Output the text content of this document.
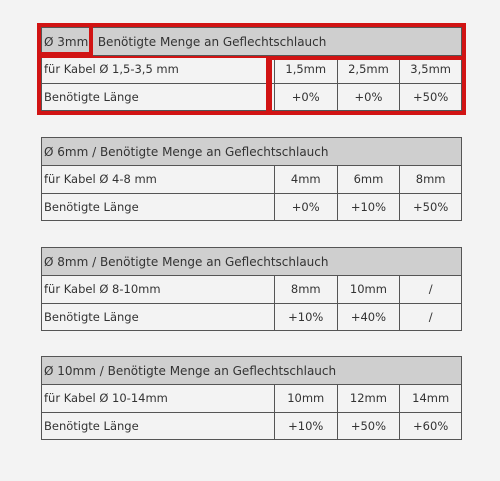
Ø 3mm Benötigte Menge an Geflechtschlauch
für Kabel Ø 1,5-3,5 mm	1,5mm	2,5mm	3,5mm
Benötigte Länge	+0%	+0%	+50%
Ø 6mm / Benötigte Menge an Geflechtschlauch
für Kabel Ø 4-8 mm	4mm	6mm	8mm
Benötigte Länge	+0%	+10%	+50%
Ø 8mm / Benötigte Menge an Geflechtschlauch
für Kabel Ø 8-10mm	8mm	10mm	/
Benötigte Länge	+10%	+40%	/
Ø 10mm / Benötigte Menge an Geflechtschlauch
für Kabel Ø 10-14mm	10mm	12mm	14mm
Benötigte Länge	+10%	+50%	+60%
